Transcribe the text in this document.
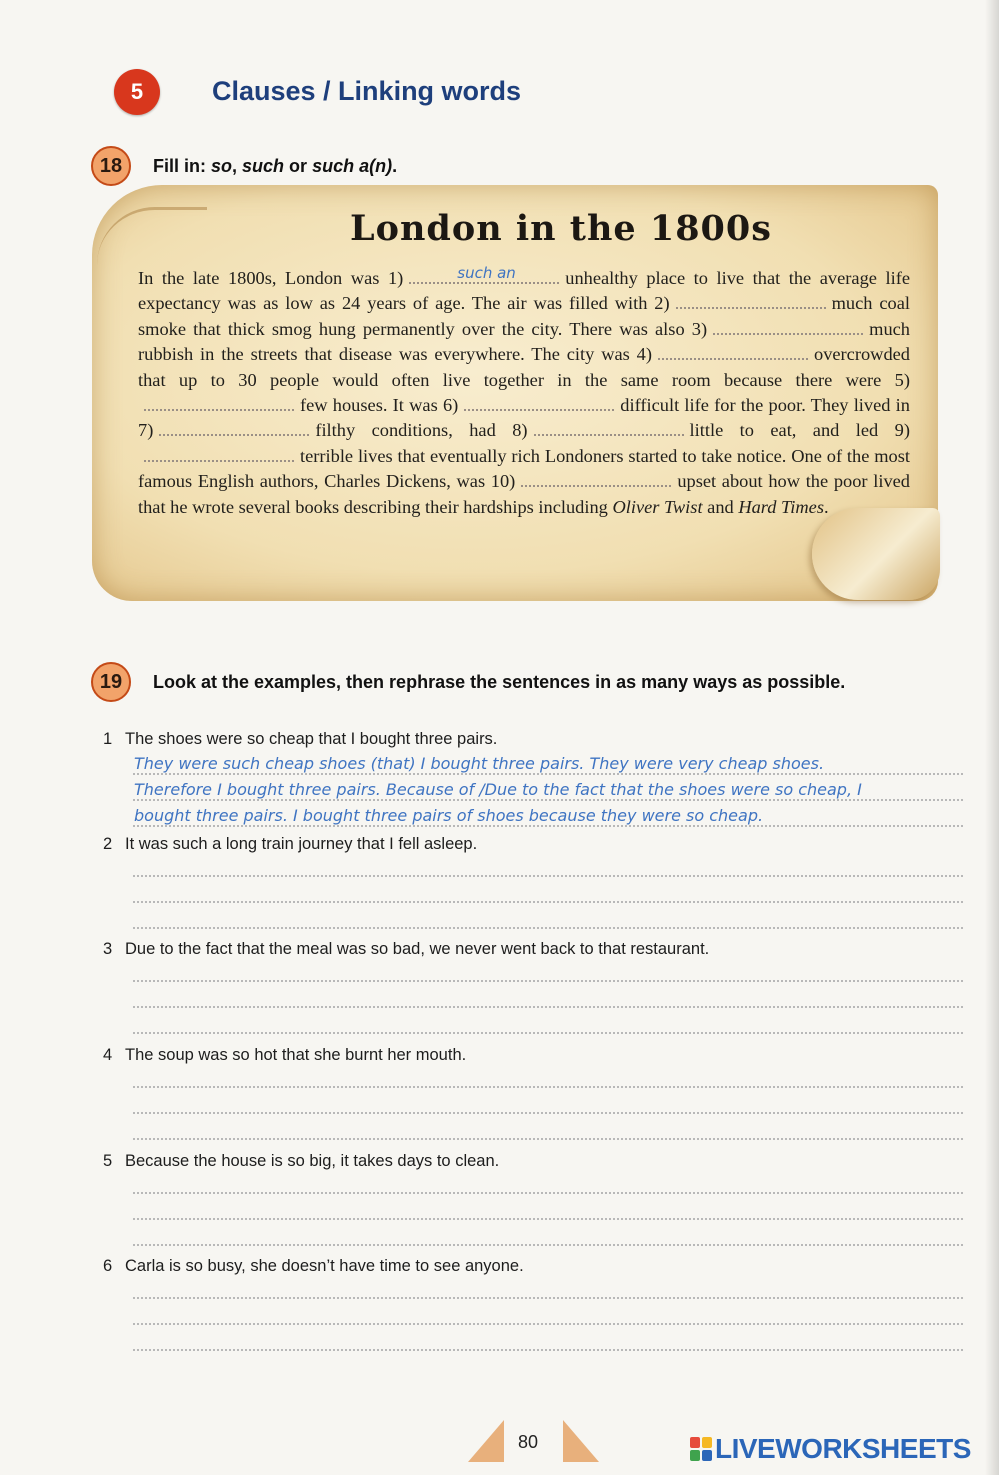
5	Clauses / Linking words
18	Fill in: so, such or such a(n).
London in the 1800s
In the late 1800s, London was 1)	such an	unhealthy place to live that the average life expectancy was as low as 24 years of age. The air was filled with 2)	much coal smoke that thick smog hung permanently over the city. There was also 3)	much rubbish in the streets that disease was everywhere. The city was 4)	overcrowded that up to 30 people would often live together in the same room because there were 5)few houses. It was 6)	difficult life for the poor. They lived in 7)	filthy conditions, had 8)	little to eat, and led 9)terrible lives that eventually rich Londoners started to take notice. One of the most famous English authors, Charles Dickens, was 10)	upset about how the poor lived that he wrote several books describing their hardships including Oliver Twist and Hard Times.
19	Look at the examples, then rephrase the sentences in as many ways as possible.
1 The shoes were so cheap that I bought three pairs.
They were such cheap shoes (that) I bought three pairs. They were very cheap shoes.
Therefore I bought three pairs. Because of /Due to the fact that the shoes were so cheap, I
bought three pairs. I bought three pairs of shoes because they were so cheap.
2 It was such a long train journey that I fell asleep.
3 Due to the fact that the meal was so bad, we never went back to that restaurant.
4 The soup was so hot that she burnt her mouth.
5 Because the house is so big, it takes days to clean.
6 Carla is so busy, she doesn’t have time to see anyone.
80	LIVEWORKSHEETS
